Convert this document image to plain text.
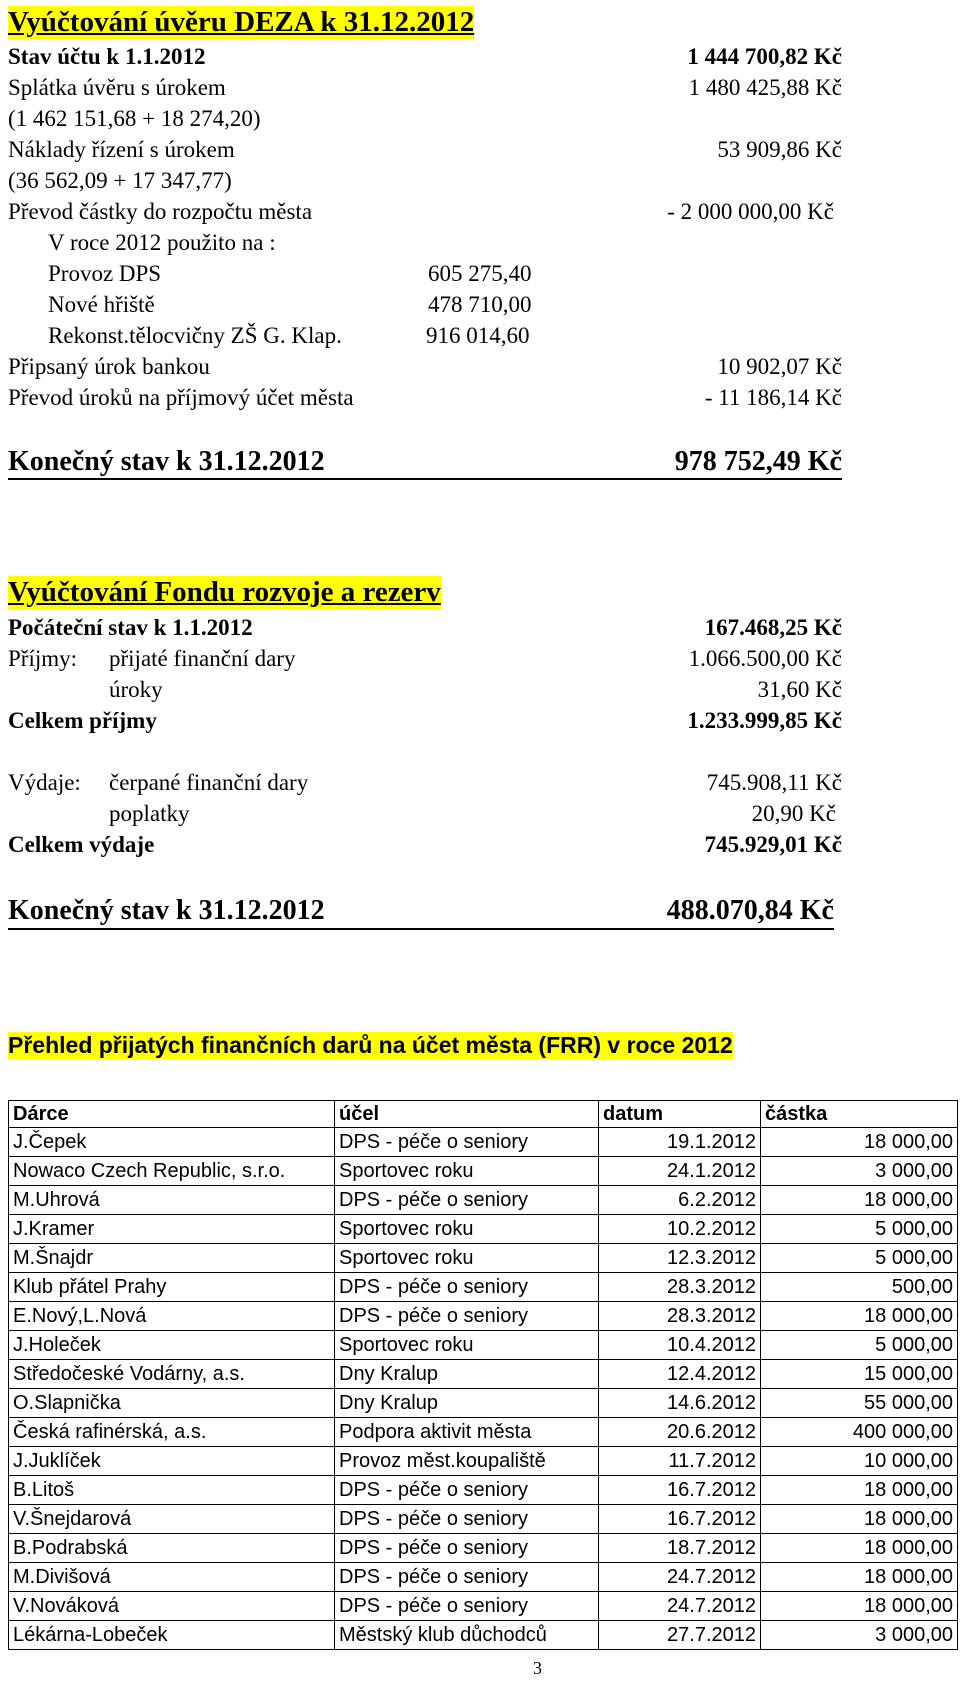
Vyúčtování úvěru DEZA k 31.12.2012
Stav účtu k 1.1.2012	1 444 700,82 Kč
Splátka úvěru s úrokem	1 480 425,88 Kč
(1 462 151,68 + 18 274,20)
Náklady řízení s úrokem	53 909,86 Kč
(36 562,09 + 17 347,77)
Převod částky do rozpočtu města	- 2 000 000,00 Kč
V roce 2012 použito na :
Provoz DPS	605 275,40
Nové hřiště	478 710,00
Rekonst.tělocvičny ZŠ G. Klap.	916 014,60
Připsaný úrok bankou	10 902,07 Kč
Převod úroků na příjmový účet města	- 11 186,14 Kč
Konečný stav k 31.12.2012	978 752,49 Kč
Vyúčtování Fondu rozvoje a rezerv
Počáteční stav k 1.1.2012	167.468,25 Kč
Příjmy: přijaté finanční dary	1.066.500,00 Kč
úroky	31,60 Kč
Celkem příjmy	1.233.999,85 Kč
Výdaje: čerpané finanční dary	745.908,11 Kč
poplatky	20,90 Kč
Celkem výdaje	745.929,01 Kč
Konečný stav k 31.12.2012	488.070,84 Kč
Přehled přijatých finančních darů na účet města (FRR) v roce 2012
Dárce	účel	datum	částka
J.Čepek	DPS - péče o seniory	19.1.2012	18 000,00
Nowaco Czech Republic, s.r.o.	Sportovec roku	24.1.2012	3 000,00
M.Uhrová	DPS - péče o seniory	6.2.2012	18 000,00
J.Kramer	Sportovec roku	10.2.2012	5 000,00
M.Šnajdr	Sportovec roku	12.3.2012	5 000,00
Klub přátel Prahy	DPS - péče o seniory	28.3.2012	500,00
E.Nový,L.Nová	DPS - péče o seniory	28.3.2012	18 000,00
J.Holeček	Sportovec roku	10.4.2012	5 000,00
Středočeské Vodárny, a.s.	Dny Kralup	12.4.2012	15 000,00
O.Slapnička	Dny Kralup	14.6.2012	55 000,00
Česká rafinérská, a.s.	Podpora aktivit města	20.6.2012	400 000,00
J.Juklíček	Provoz měst.koupaliště	11.7.2012	10 000,00
B.Litoš	DPS - péče o seniory	16.7.2012	18 000,00
V.Šnejdarová	DPS - péče o seniory	16.7.2012	18 000,00
B.Podrabská	DPS - péče o seniory	18.7.2012	18 000,00
M.Divišová	DPS - péče o seniory	24.7.2012	18 000,00
V.Nováková	DPS - péče o seniory	24.7.2012	18 000,00
Lékárna-Lobeček	Městský klub důchodců	27.7.2012	3 000,00
3
